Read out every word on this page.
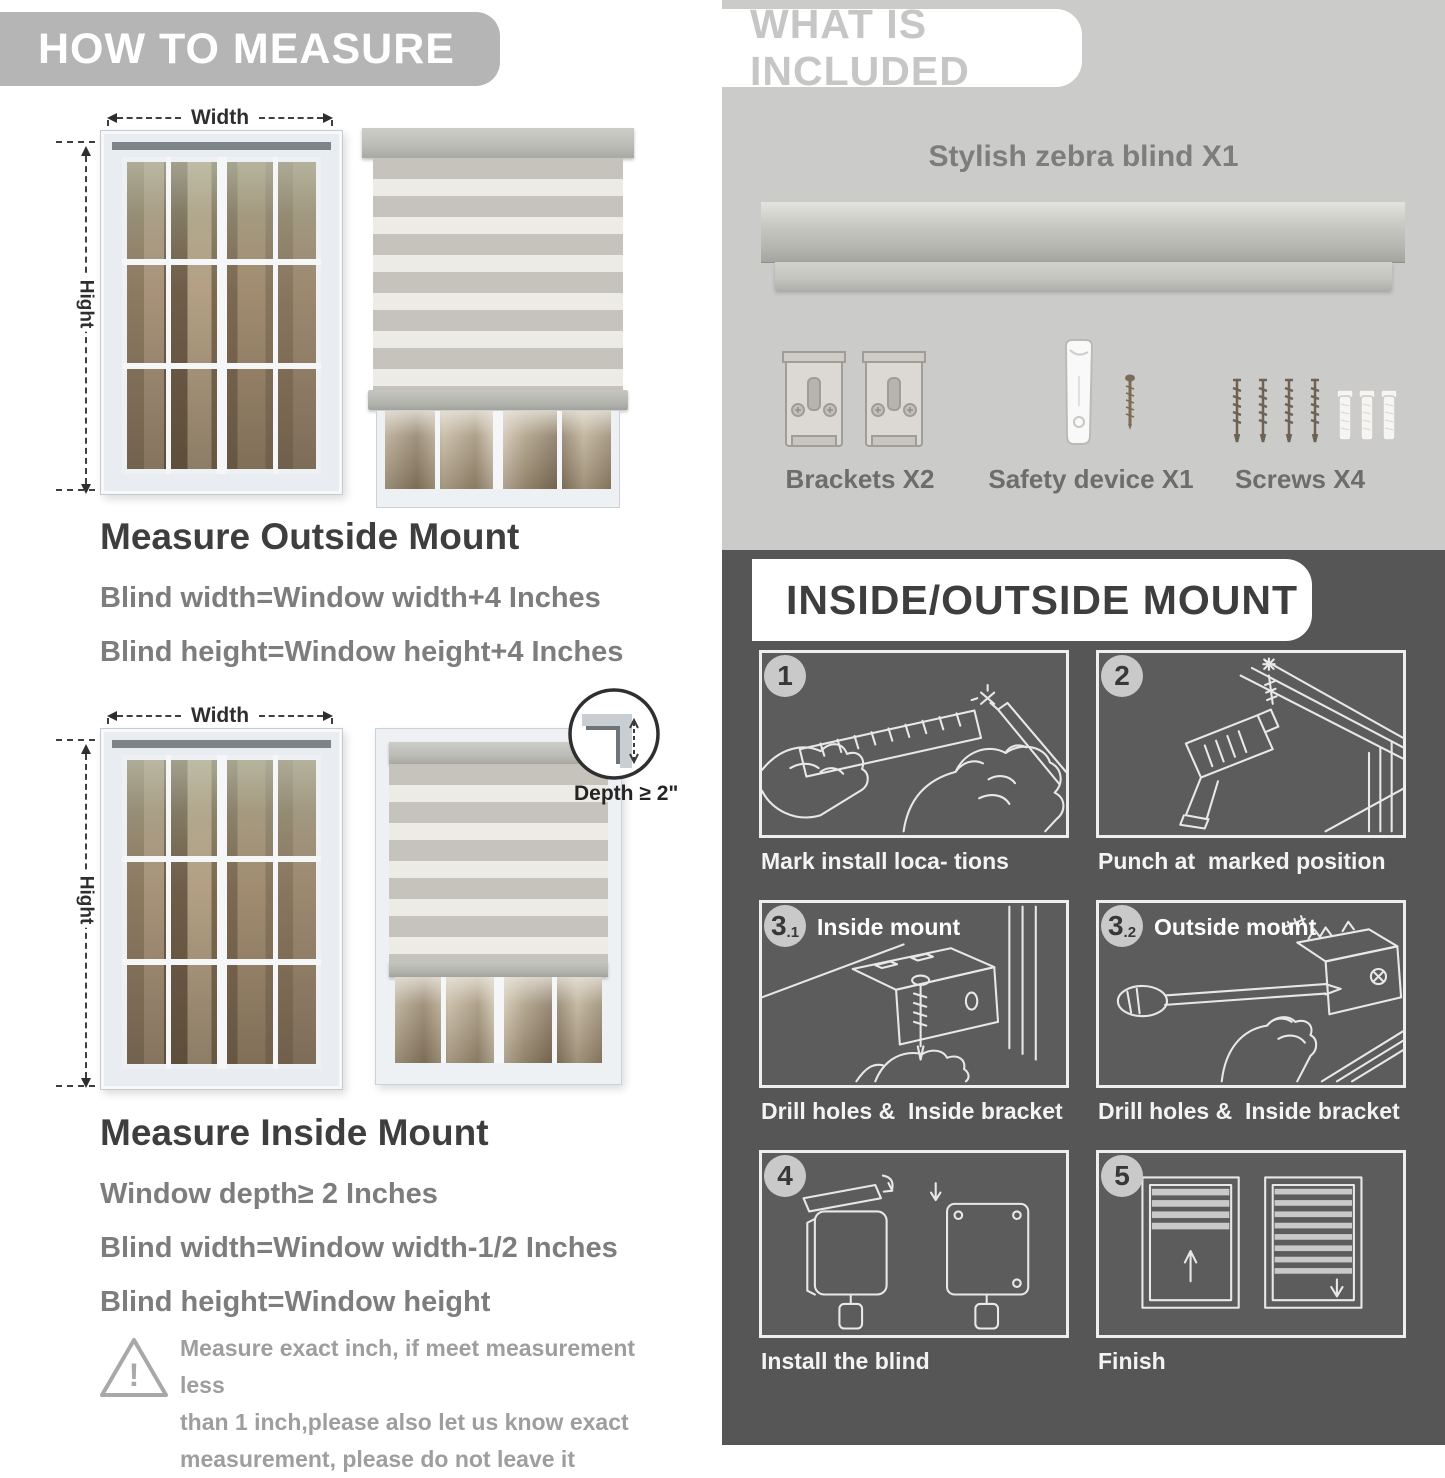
HOW TO MEASURE
Width
Hight
Measure Outside Mount
Blind width=Window width+4 Inches
Blind height=Window height+4 Inches
Width
Hight
Depth ≥ 2"
Measure Inside Mount
Window depth≥ 2 Inches
Blind width=Window width-1/2 Inches
Blind height=Window height
!
Measure exact inch, if meet measurement less
than 1 inch,please also let us know exact
measurement, please do not leave it
WHAT IS INCLUDED
Stylish zebra blind X1
Brackets X2	Safety device X1	Screws X4
INSIDE/OUTSIDE MOUNT
1
Mark install loca- tions
2
Punch at  marked position
3 .1 Inside mount
Drill holes &  Inside bracket
3 .2 Outside mount
Drill holes &  Inside bracket
4
Install the blind
5
Finish
